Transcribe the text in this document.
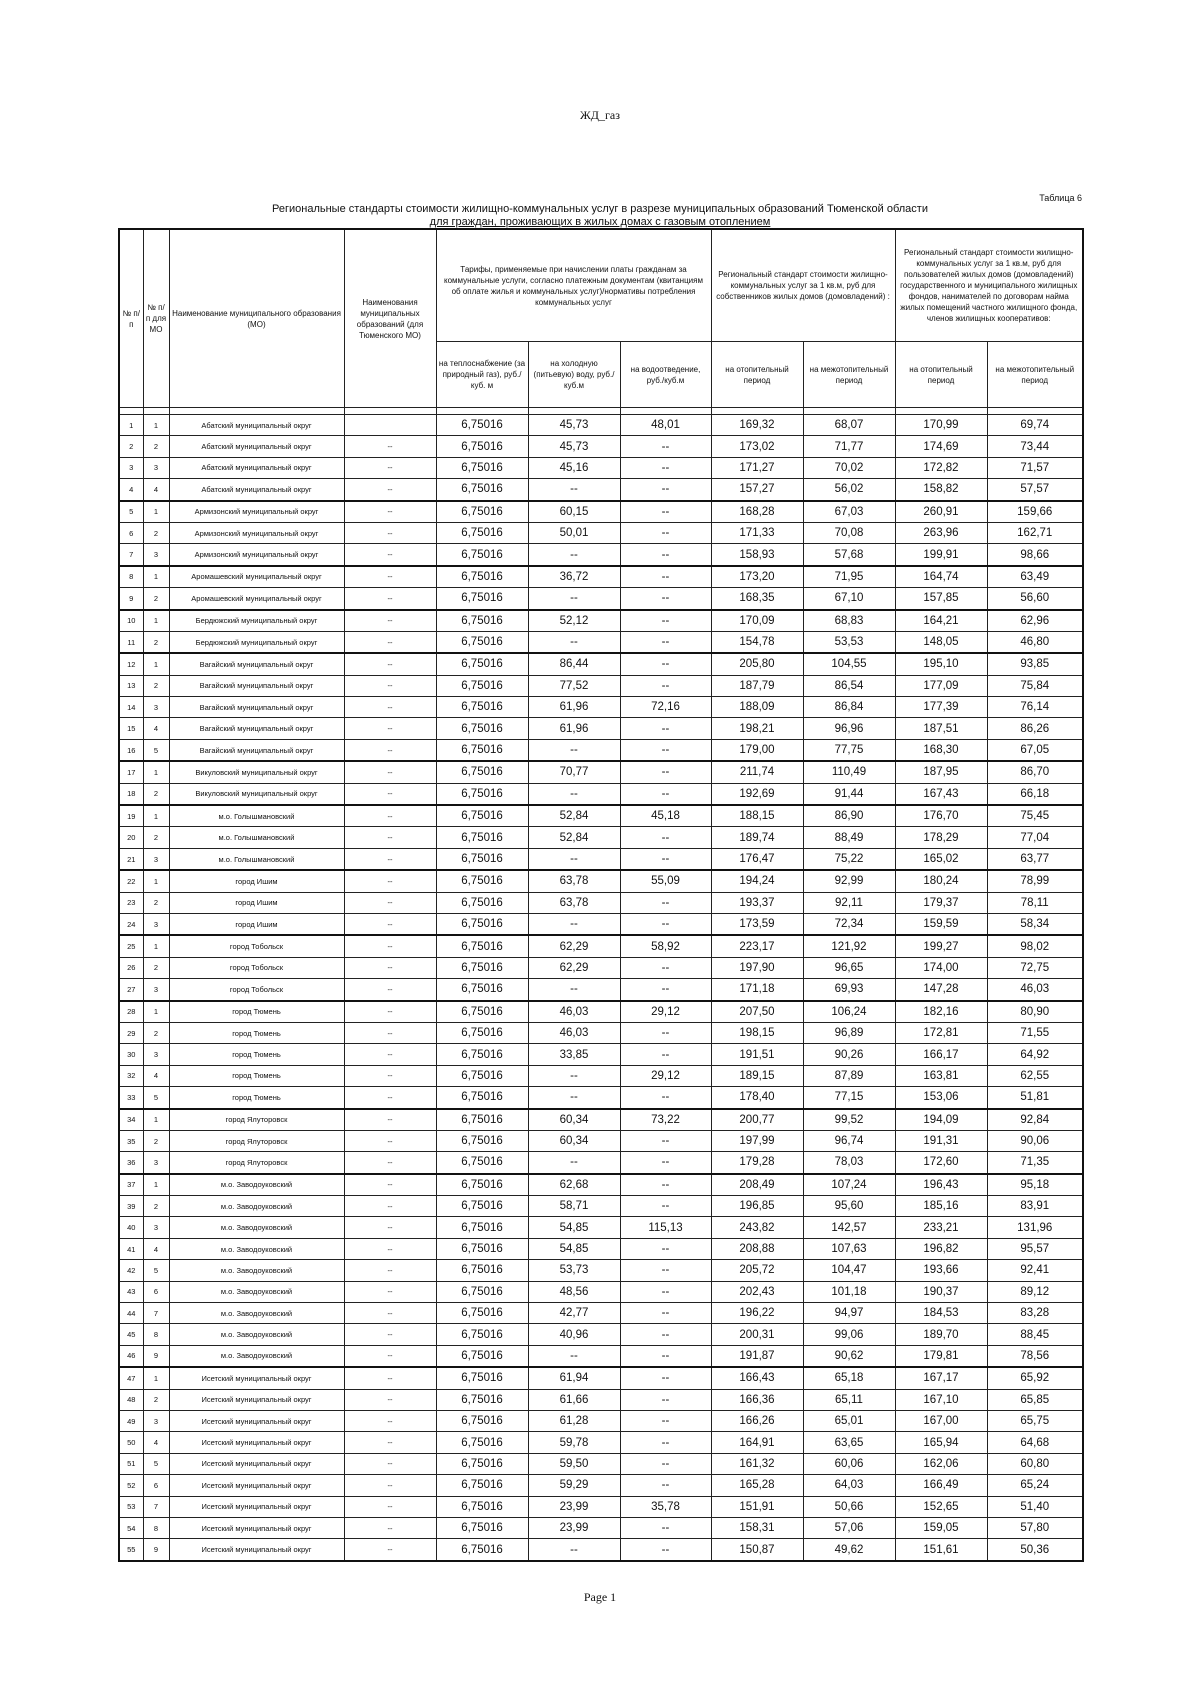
ЖД_газ
Таблица 6
Региональные стандарты стоимости жилищно-коммунальных услуг в разрезе муниципальных образований Тюменской области
для граждан, проживающих в жилых домах с газовым отоплением
№ п/п	№ п/п для МО	Наименование муниципального образования (МО)	Наименования муниципальных образований (для Тюменского МО)	Тарифы, применяемые при начислении платы гражданам за коммунальные услуги, согласно платежным документам (квитанциям об оплате жилья и коммунальных услуг)/нормативы потребления коммунальных услуг			Региональный стандарт стоимости жилищно-коммунальных услуг за 1 кв.м, руб для собственников жилых домов (домовладений) :		Региональный стандарт стоимости жилищно-коммунальных услуг за 1 кв.м, руб для пользователей жилых домов (домовладений) государственного и муниципального жилищных фондов, нанимателей по договорам найма жилых помещений частного жилищного фонда, членов жилищных кооперативов:	
				на теплоснабжение (за природный газ), руб./куб. м	на холодную (питьевую) воду, руб./куб.м	на водоотведение, руб./куб.м	на отопительный период	на межотопительный период	на отопительный период	на межотопительный период

1	1	Абатский муниципальный округ		6,75016	45,73	48,01	169,32	68,07	170,99	69,74
2	2	Абатский муниципальный округ	--	6,75016	45,73	--	173,02	71,77	174,69	73,44
3	3	Абатский муниципальный округ	--	6,75016	45,16	--	171,27	70,02	172,82	71,57
4	4	Абатский муниципальный округ	--	6,75016	--	--	157,27	56,02	158,82	57,57
5	1	Армизонский муниципальный округ	--	6,75016	60,15	--	168,28	67,03	260,91	159,66
6	2	Армизонский муниципальный округ	--	6,75016	50,01	--	171,33	70,08	263,96	162,71
7	3	Армизонский муниципальный округ	--	6,75016	--	--	158,93	57,68	199,91	98,66
8	1	Аромашевский муниципальный округ	--	6,75016	36,72	--	173,20	71,95	164,74	63,49
9	2	Аромашевский муниципальный округ	--	6,75016	--	--	168,35	67,10	157,85	56,60
10	1	Бердюжский муниципальный округ	--	6,75016	52,12	--	170,09	68,83	164,21	62,96
11	2	Бердюжский муниципальный округ	--	6,75016	--	--	154,78	53,53	148,05	46,80
12	1	Вагайский муниципальный округ	--	6,75016	86,44	--	205,80	104,55	195,10	93,85
13	2	Вагайский муниципальный округ	--	6,75016	77,52	--	187,79	86,54	177,09	75,84
14	3	Вагайский муниципальный округ	--	6,75016	61,96	72,16	188,09	86,84	177,39	76,14
15	4	Вагайский муниципальный округ	--	6,75016	61,96	--	198,21	96,96	187,51	86,26
16	5	Вагайский муниципальный округ	--	6,75016	--	--	179,00	77,75	168,30	67,05
17	1	Викуловский муниципальный округ	--	6,75016	70,77	--	211,74	110,49	187,95	86,70
18	2	Викуловский муниципальный округ	--	6,75016	--	--	192,69	91,44	167,43	66,18
19	1	м.о. Голышмановский	--	6,75016	52,84	45,18	188,15	86,90	176,70	75,45
20	2	м.о. Голышмановский	--	6,75016	52,84	--	189,74	88,49	178,29	77,04
21	3	м.о. Голышмановский	--	6,75016	--	--	176,47	75,22	165,02	63,77
22	1	город Ишим	--	6,75016	63,78	55,09	194,24	92,99	180,24	78,99
23	2	город Ишим	--	6,75016	63,78	--	193,37	92,11	179,37	78,11
24	3	город Ишим	--	6,75016	--	--	173,59	72,34	159,59	58,34
25	1	город Тобольск	--	6,75016	62,29	58,92	223,17	121,92	199,27	98,02
26	2	город Тобольск	--	6,75016	62,29	--	197,90	96,65	174,00	72,75
27	3	город Тобольск	--	6,75016	--	--	171,18	69,93	147,28	46,03
28	1	город Тюмень	--	6,75016	46,03	29,12	207,50	106,24	182,16	80,90
29	2	город Тюмень	--	6,75016	46,03	--	198,15	96,89	172,81	71,55
30	3	город Тюмень	--	6,75016	33,85	--	191,51	90,26	166,17	64,92
32	4	город Тюмень	--	6,75016	--	29,12	189,15	87,89	163,81	62,55
33	5	город Тюмень	--	6,75016	--	--	178,40	77,15	153,06	51,81
34	1	город Ялуторовск	--	6,75016	60,34	73,22	200,77	99,52	194,09	92,84
35	2	город Ялуторовск	--	6,75016	60,34	--	197,99	96,74	191,31	90,06
36	3	город Ялуторовск	--	6,75016	--	--	179,28	78,03	172,60	71,35
37	1	м.о. Заводоуковский	--	6,75016	62,68	--	208,49	107,24	196,43	95,18
39	2	м.о. Заводоуковский	--	6,75016	58,71	--	196,85	95,60	185,16	83,91
40	3	м.о. Заводоуковский	--	6,75016	54,85	115,13	243,82	142,57	233,21	131,96
41	4	м.о. Заводоуковский	--	6,75016	54,85	--	208,88	107,63	196,82	95,57
42	5	м.о. Заводоуковский	--	6,75016	53,73	--	205,72	104,47	193,66	92,41
43	6	м.о. Заводоуковский	--	6,75016	48,56	--	202,43	101,18	190,37	89,12
44	7	м.о. Заводоуковский	--	6,75016	42,77	--	196,22	94,97	184,53	83,28
45	8	м.о. Заводоуковский	--	6,75016	40,96	--	200,31	99,06	189,70	88,45
46	9	м.о. Заводоуковский	--	6,75016	--	--	191,87	90,62	179,81	78,56
47	1	Исетский муниципальный округ	--	6,75016	61,94	--	166,43	65,18	167,17	65,92
48	2	Исетский муниципальный округ	--	6,75016	61,66	--	166,36	65,11	167,10	65,85
49	3	Исетский муниципальный округ	--	6,75016	61,28	--	166,26	65,01	167,00	65,75
50	4	Исетский муниципальный округ	--	6,75016	59,78	--	164,91	63,65	165,94	64,68
51	5	Исетский муниципальный округ	--	6,75016	59,50	--	161,32	60,06	162,06	60,80
52	6	Исетский муниципальный округ	--	6,75016	59,29	--	165,28	64,03	166,49	65,24
53	7	Исетский муниципальный округ	--	6,75016	23,99	35,78	151,91	50,66	152,65	51,40
54	8	Исетский муниципальный округ	--	6,75016	23,99	--	158,31	57,06	159,05	57,80
55	9	Исетский муниципальный округ	--	6,75016	--	--	150,87	49,62	151,61	50,36
Page 1
